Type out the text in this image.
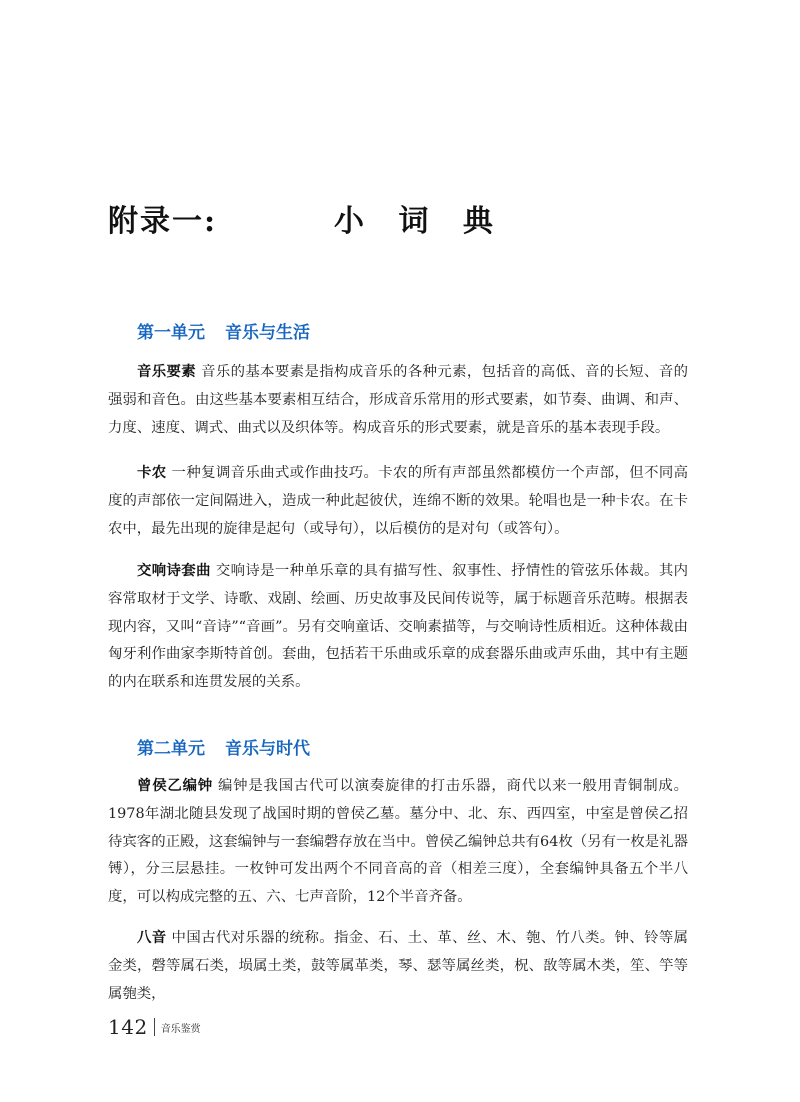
附录一:	小 词 典
第一单元 音乐与生活

音乐要素 音乐的基本要素是指构成音乐的各种元素，包括音的高低、音的长短、音的强弱和音色。由这些基本要素相互结合，形成音乐常用的形式要素，如节奏、曲调、和声、力度、速度、调式、曲式以及织体等。构成音乐的形式要素，就是音乐的基本表现手段。

卡农 一种复调音乐曲式或作曲技巧。卡农的所有声部虽然都模仿一个声部，但不同高度的声部依一定间隔进入，造成一种此起彼伏，连绵不断的效果。轮唱也是一种卡农。在卡农中，最先出现的旋律是起句（或导句），以后模仿的是对句（或答句）。

交响诗套曲 交响诗是一种单乐章的具有描写性、叙事性、抒情性的管弦乐体裁。其内容常取材于文学、诗歌、戏剧、绘画、历史故事及民间传说等，属于标题音乐范畴。根据表现内容，又叫“音诗”“音画”。另有交响童话、交响素描等，与交响诗性质相近。这种体裁由匈牙利作曲家李斯特首创。套曲，包括若干乐曲或乐章的成套器乐曲或声乐曲，其中有主题的内在联系和连贯发展的关系。

第二单元 音乐与时代

曾侯乙编钟 编钟是我国古代可以演奏旋律的打击乐器，商代以来一般用青铜制成。1978年湖北随县发现了战国时期的曾侯乙墓。墓分中、北、东、西四室，中室是曾侯乙招待宾客的正殿，这套编钟与一套编磬存放在当中。曾侯乙编钟总共有64枚（另有一枚是礼器镈），分三层悬挂。一枚钟可发出两个不同音高的音（相差三度），全套编钟具备五个半八度，可以构成完整的五、六、七声音阶，12个半音齐备。

八音 中国古代对乐器的统称。指金、石、土、革、丝、木、匏、竹八类。钟、铃等属金类，磬等属石类，埙属土类，鼓等属革类，琴、瑟等属丝类，柷、敔等属木类，笙、竽等属匏类，

142 音乐鉴赏
